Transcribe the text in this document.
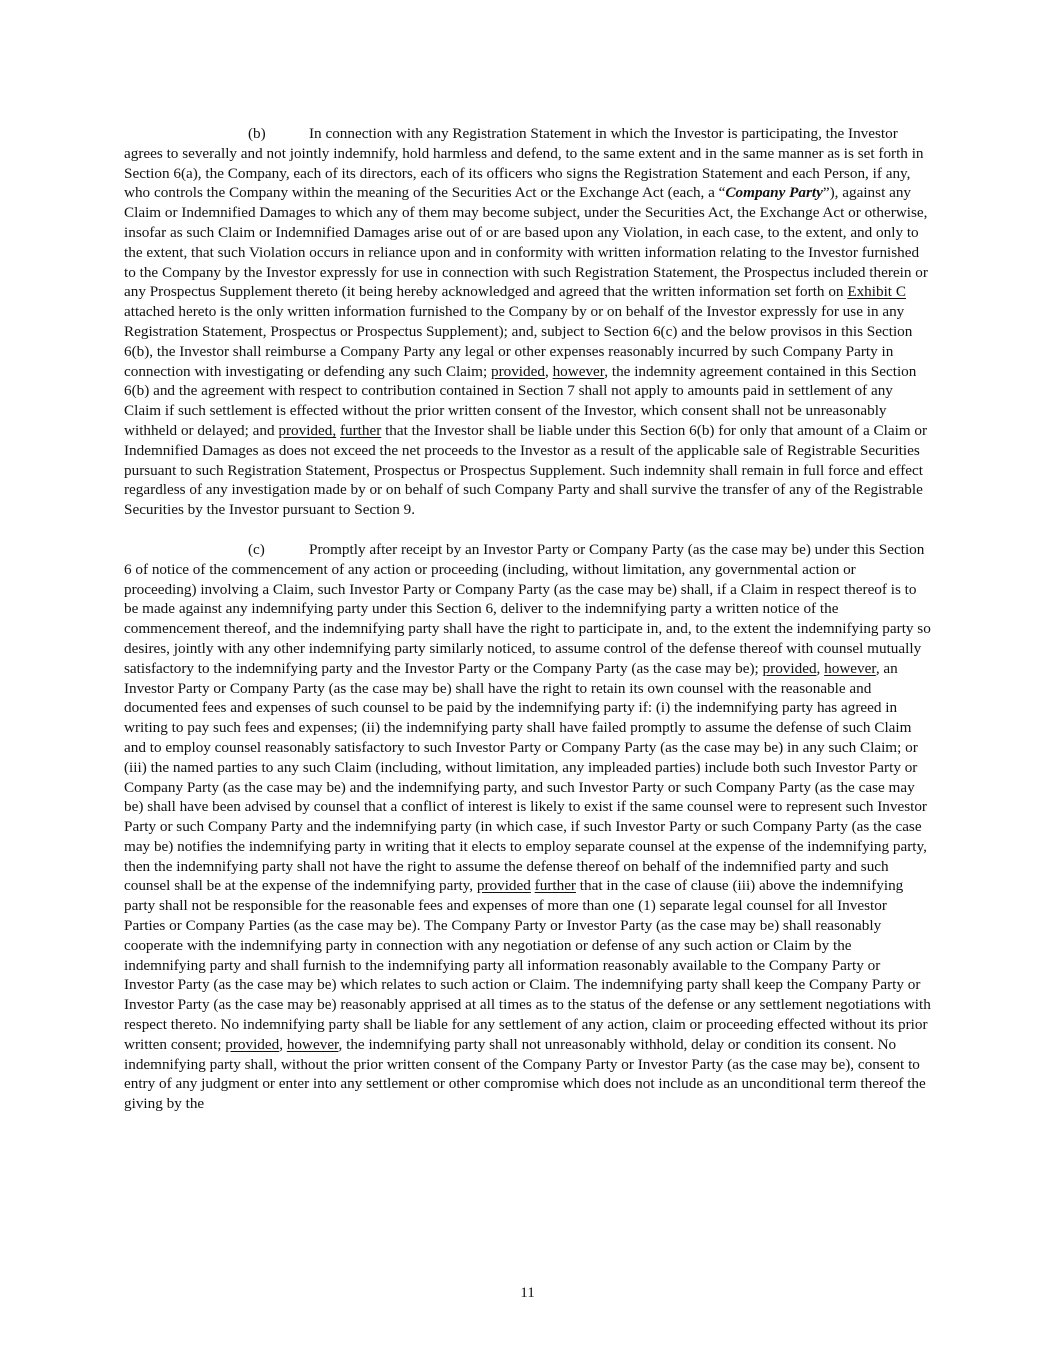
(b)	In connection with any Registration Statement in which the Investor is participating, the Investor agrees to severally and not jointly indemnify, hold harmless and defend, to the same extent and in the same manner as is set forth in Section 6(a), the Company, each of its directors, each of its officers who signs the Registration Statement and each Person, if any, who controls the Company within the meaning of the Securities Act or the Exchange Act (each, a “Company Party”), against any Claim or Indemnified Damages to which any of them may become subject, under the Securities Act, the Exchange Act or otherwise, insofar as such Claim or Indemnified Damages arise out of or are based upon any Violation, in each case, to the extent, and only to the extent, that such Violation occurs in reliance upon and in conformity with written information relating to the Investor furnished to the Company by the Investor expressly for use in connection with such Registration Statement, the Prospectus included therein or any Prospectus Supplement thereto (it being hereby acknowledged and agreed that the written information set forth on Exhibit C attached hereto is the only written information furnished to the Company by or on behalf of the Investor expressly for use in any Registration Statement, Prospectus or Prospectus Supplement); and, subject to Section 6(c) and the below provisos in this Section 6(b), the Investor shall reimburse a Company Party any legal or other expenses reasonably incurred by such Company Party in connection with investigating or defending any such Claim; provided, however, the indemnity agreement contained in this Section 6(b) and the agreement with respect to contribution contained in Section 7 shall not apply to amounts paid in settlement of any Claim if such settlement is effected without the prior written consent of the Investor, which consent shall not be unreasonably withheld or delayed; and provided, further that the Investor shall be liable under this Section 6(b) for only that amount of a Claim or Indemnified Damages as does not exceed the net proceeds to the Investor as a result of the applicable sale of Registrable Securities pursuant to such Registration Statement, Prospectus or Prospectus Supplement. Such indemnity shall remain in full force and effect regardless of any investigation made by or on behalf of such Company Party and shall survive the transfer of any of the Registrable Securities by the Investor pursuant to Section 9.

(c)	Promptly after receipt by an Investor Party or Company Party (as the case may be) under this Section 6 of notice of the commencement of any action or proceeding (including, without limitation, any governmental action or proceeding) involving a Claim, such Investor Party or Company Party (as the case may be) shall, if a Claim in respect thereof is to be made against any indemnifying party under this Section 6, deliver to the indemnifying party a written notice of the commencement thereof, and the indemnifying party shall have the right to participate in, and, to the extent the indemnifying party so desires, jointly with any other indemnifying party similarly noticed, to assume control of the defense thereof with counsel mutually satisfactory to the indemnifying party and the Investor Party or the Company Party (as the case may be); provided, however, an Investor Party or Company Party (as the case may be) shall have the right to retain its own counsel with the reasonable and documented fees and expenses of such counsel to be paid by the indemnifying party if: (i) the indemnifying party has agreed in writing to pay such fees and expenses; (ii) the indemnifying party shall have failed promptly to assume the defense of such Claim and to employ counsel reasonably satisfactory to such Investor Party or Company Party (as the case may be) in any such Claim; or (iii) the named parties to any such Claim (including, without limitation, any impleaded parties) include both such Investor Party or Company Party (as the case may be) and the indemnifying party, and such Investor Party or such Company Party (as the case may be) shall have been advised by counsel that a conflict of interest is likely to exist if the same counsel were to represent such Investor Party or such Company Party and the indemnifying party (in which case, if such Investor Party or such Company Party (as the case may be) notifies the indemnifying party in writing that it elects to employ separate counsel at the expense of the indemnifying party, then the indemnifying party shall not have the right to assume the defense thereof on behalf of the indemnified party and such counsel shall be at the expense of the indemnifying party, provided further that in the case of clause (iii) above the indemnifying party shall not be responsible for the reasonable fees and expenses of more than one (1) separate legal counsel for all Investor Parties or Company Parties (as the case may be). The Company Party or Investor Party (as the case may be) shall reasonably cooperate with the indemnifying party in connection with any negotiation or defense of any such action or Claim by the indemnifying party and shall furnish to the indemnifying party all information reasonably available to the Company Party or Investor Party (as the case may be) which relates to such action or Claim. The indemnifying party shall keep the Company Party or Investor Party (as the case may be) reasonably apprised at all times as to the status of the defense or any settlement negotiations with respect thereto. No indemnifying party shall be liable for any settlement of any action, claim or proceeding effected without its prior written consent; provided, however, the indemnifying party shall not unreasonably withhold, delay or condition its consent. No indemnifying party shall, without the prior written consent of the Company Party or Investor Party (as the case may be), consent to entry of any judgment or enter into any settlement or other compromise which does not include as an unconditional term thereof the giving by the

11
